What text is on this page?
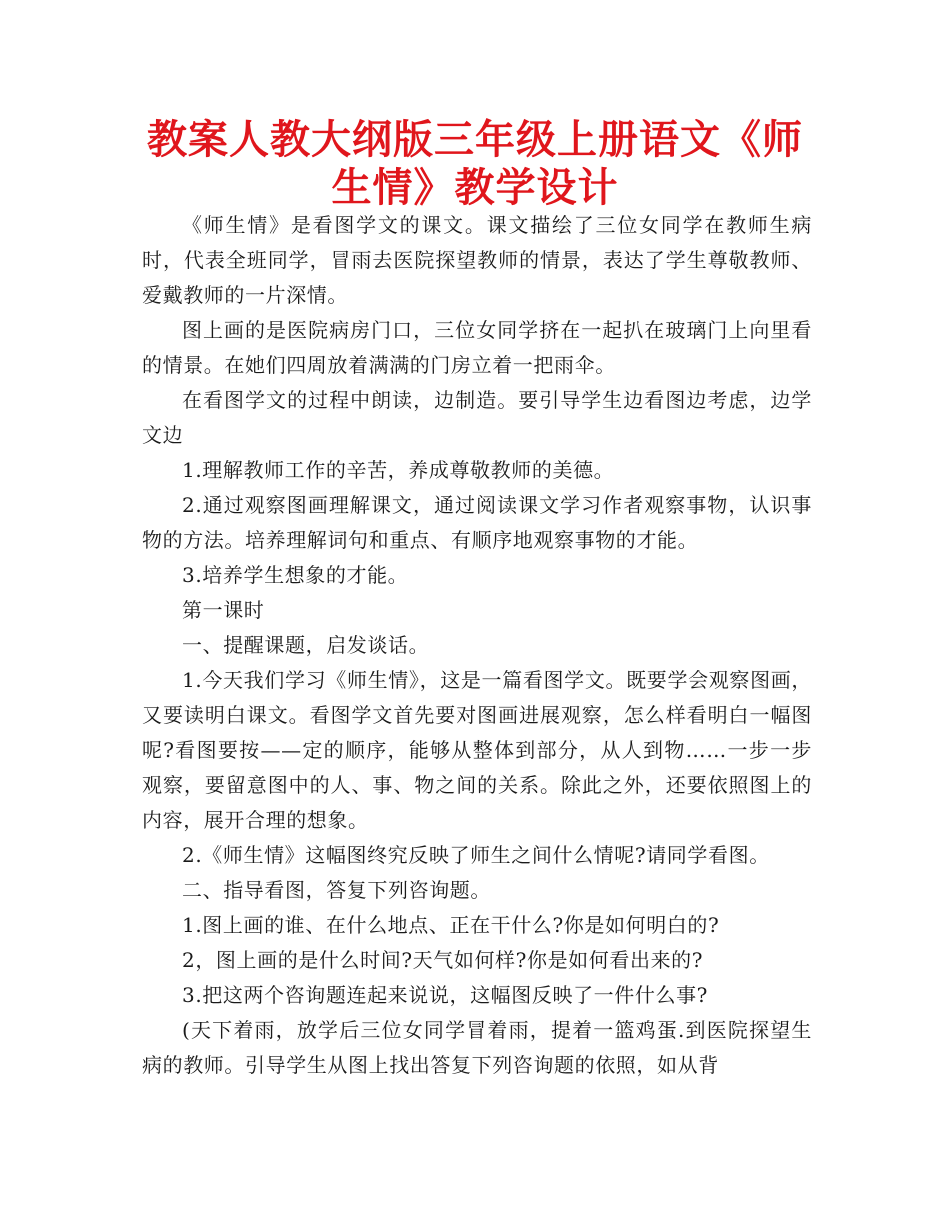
教案人教大纲版三年级上册语文《师生情》教学设计

《师生情》是看图学文的课文。课文描绘了三位女同学在教师生病时，代表全班同学，冒雨去医院探望教师的情景，表达了学生尊敬教师、爱戴教师的一片深情。

图上画的是医院病房门口，三位女同学挤在一起扒在玻璃门上向里看的情景。在她们四周放着满满的门房立着一把雨伞。

在看图学文的过程中朗读，边制造。要引导学生边看图边考虑，边学文边

1.理解教师工作的辛苦，养成尊敬教师的美德。

2.通过观察图画理解课文，通过阅读课文学习作者观察事物，认识事物的方法。培养理解词句和重点、有顺序地观察事物的才能。

3.培养学生想象的才能。

第一课时

一、提醒课题，启发谈话。

1.今天我们学习《师生情》，这是一篇看图学文。既要学会观察图画，又要读明白课文。看图学文首先要对图画进展观察，怎么样看明白一幅图呢?看图要按——定的顺序，能够从整体到部分，从人到物……一步一步观察，要留意图中的人、事、物之间的关系。除此之外，还要依照图上的内容，展开合理的想象。

2.《师生情》这幅图终究反映了师生之间什么情呢?请同学看图。

二、指导看图，答复下列咨询题。

1.图上画的谁、在什么地点、正在干什么?你是如何明白的?

2，图上画的是什么时间?天气如何样?你是如何看出来的?

3.把这两个咨询题连起来说说，这幅图反映了一件什么事?

(天下着雨，放学后三位女同学冒着雨，提着一篮鸡蛋.到医院探望生病的教师。引导学生从图上找出答复下列咨询题的依照，如从背
